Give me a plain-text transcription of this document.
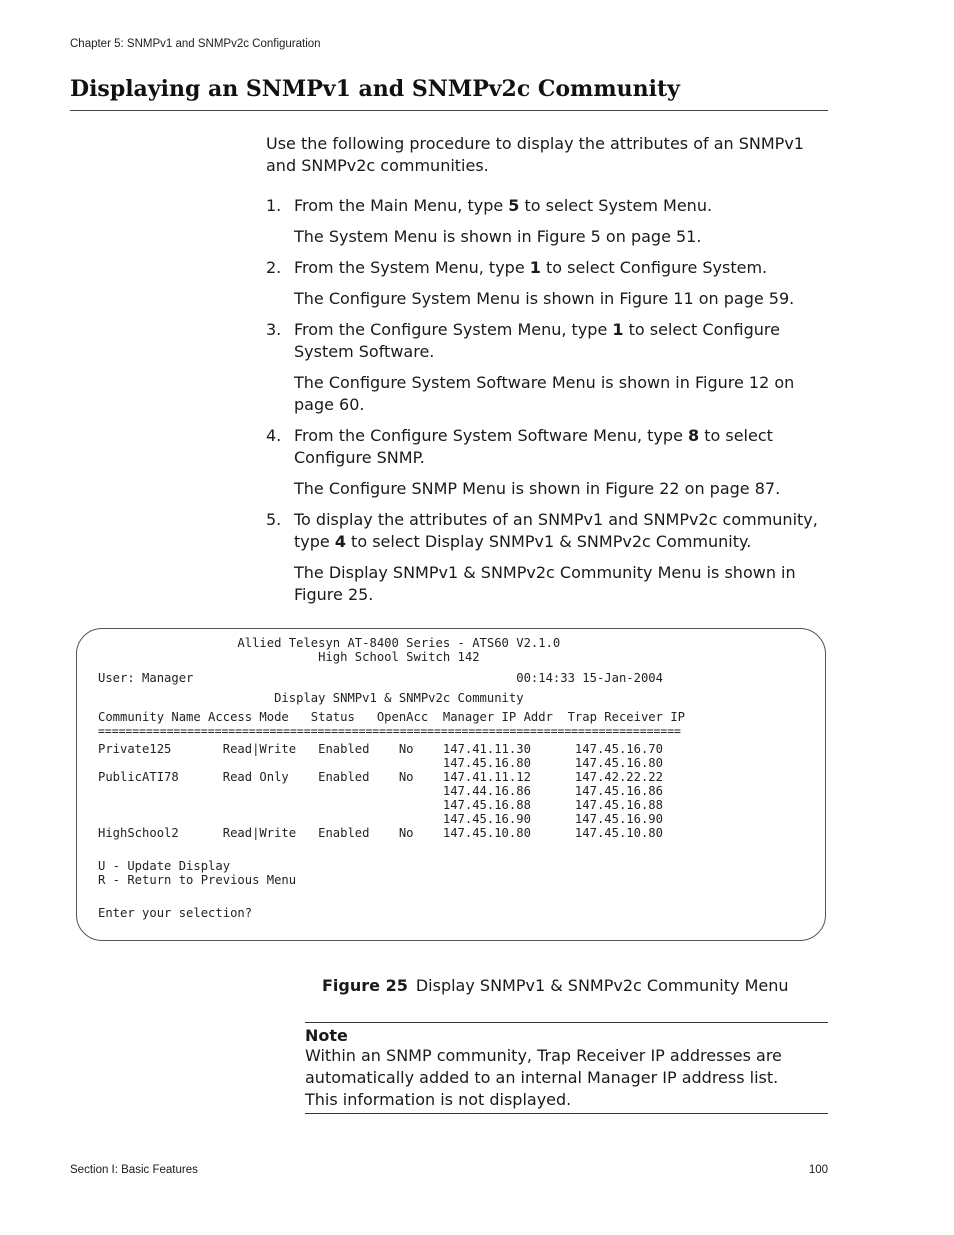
Chapter 5: SNMPv1 and SNMPv2c Configuration
Displaying an SNMPv1 and SNMPv2c Community

Use the following procedure to display the attributes of an SNMPv1 and SNMPv2c communities.

1. From the Main Menu, type 5 to select System Menu.
The System Menu is shown in Figure 5 on page 51.
2. From the System Menu, type 1 to select Configure System.
The Configure System Menu is shown in Figure 11 on page 59.
3. From the Configure System Menu, type 1 to select Configure System Software.
The Configure System Software Menu is shown in Figure 12 on page 60.
4. From the Configure System Software Menu, type 8 to select Configure SNMP.
The Configure SNMP Menu is shown in Figure 22 on page 87.
5. To display the attributes of an SNMPv1 and SNMPv2c community, type 4 to select Display SNMPv1 & SNMPv2c Community.
The Display SNMPv1 & SNMPv2c Community Menu is shown in Figure 25.
Allied Telesyn AT-8400 Series - ATS60 V2.1.0
High School Switch 142
User: Manager                                            00:14:33 15-Jan-2004
Display SNMPv1 & SNMPv2c Community
Community Name Access Mode   Status   OpenAcc  Manager IP Addr  Trap Receiver IP
=====================================================================================
Private125       Read|Write   Enabled    No    147.41.11.30      147.45.16.70
147.45.16.80      147.45.16.80
PublicATI78      Read Only    Enabled    No    147.41.11.12      147.42.22.22
147.44.16.86      147.45.16.86
147.45.16.88      147.45.16.88
147.45.16.90      147.45.16.90
HighSchool2      Read|Write   Enabled    No    147.45.10.80      147.45.10.80
U - Update Display
R - Return to Previous Menu
Enter your selection?
Figure 25 Display SNMPv1 & SNMPv2c Community Menu
Note
Within an SNMP community, Trap Receiver IP addresses are automatically added to an internal Manager IP address list. This information is not displayed.
Section I: Basic Features	100
